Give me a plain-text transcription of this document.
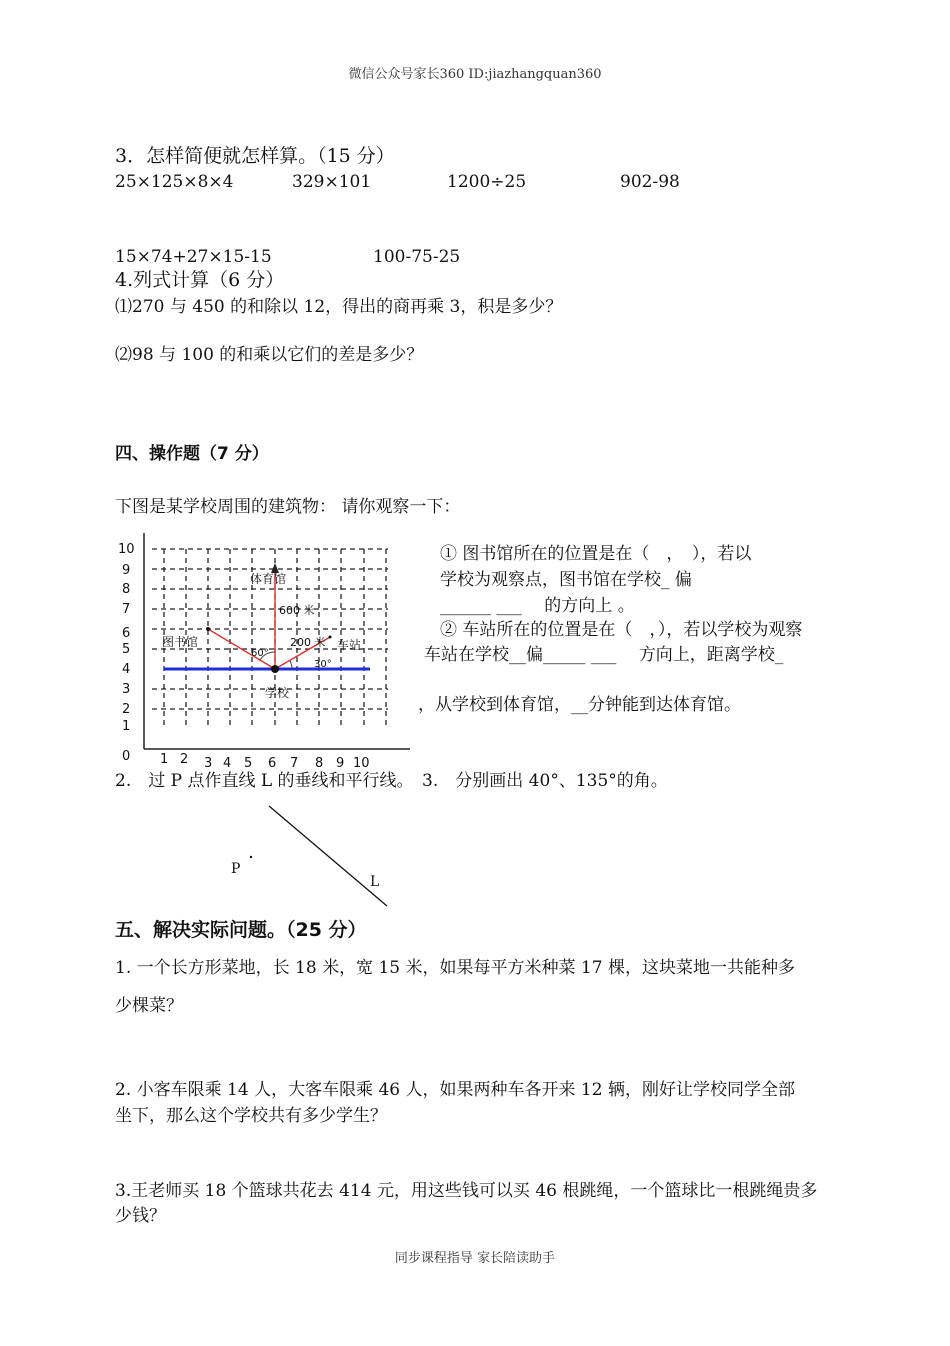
微信公众号家长360 ID:jiazhangquan360
3．怎样简便就怎样算。（15 分）
25×125×8×4	329×101	1200÷25	902-98
15×74+27×15-15	100-75-25
4.列式计算（6 分）
⑴270 与 450 的和除以 12，得出的商再乘 3，积是多少？
⑵98 与 100 的和乘以它们的差是多少？
四、操作题（7 分）
下图是某学校周围的建筑物： 请你观察一下：
10
9
8
7
6
5
4
3
2
1
0 1 2 3 4 5 6 7 8 9 10
体育馆
图书馆	车站
学校
600 米
200 米
60°
30°
① 图书馆所在的位置是在（　，　），若以
学校为观察点，图书馆在学校_ 偏
______ ___ 　的方向上 。
② 车站所在的位置是在（　，），若以学校为观察
车站在学校__偏_____ ___ 　方向上，距离学校_
，从学校到体育馆，__分钟能到达体育馆。
2.　过 P 点作直线 L 的垂线和平行线。　3.　分别画出 40°、135°的角。
P
L
五、解决实际问题。（25 分）
1. 一个长方形菜地，长 18 米，宽 15 米，如果每平方米种菜 17 棵，这块菜地一共能种多
少棵菜？
2. 小客车限乘 14 人，大客车限乘 46 人，如果两种车各开来 12 辆，刚好让学校同学全部
坐下，那么这个学校共有多少学生？
3.王老师买 18 个篮球共花去 414 元，用这些钱可以买 46 根跳绳，一个篮球比一根跳绳贵多
少钱？
同步课程指导 家长陪读助手
